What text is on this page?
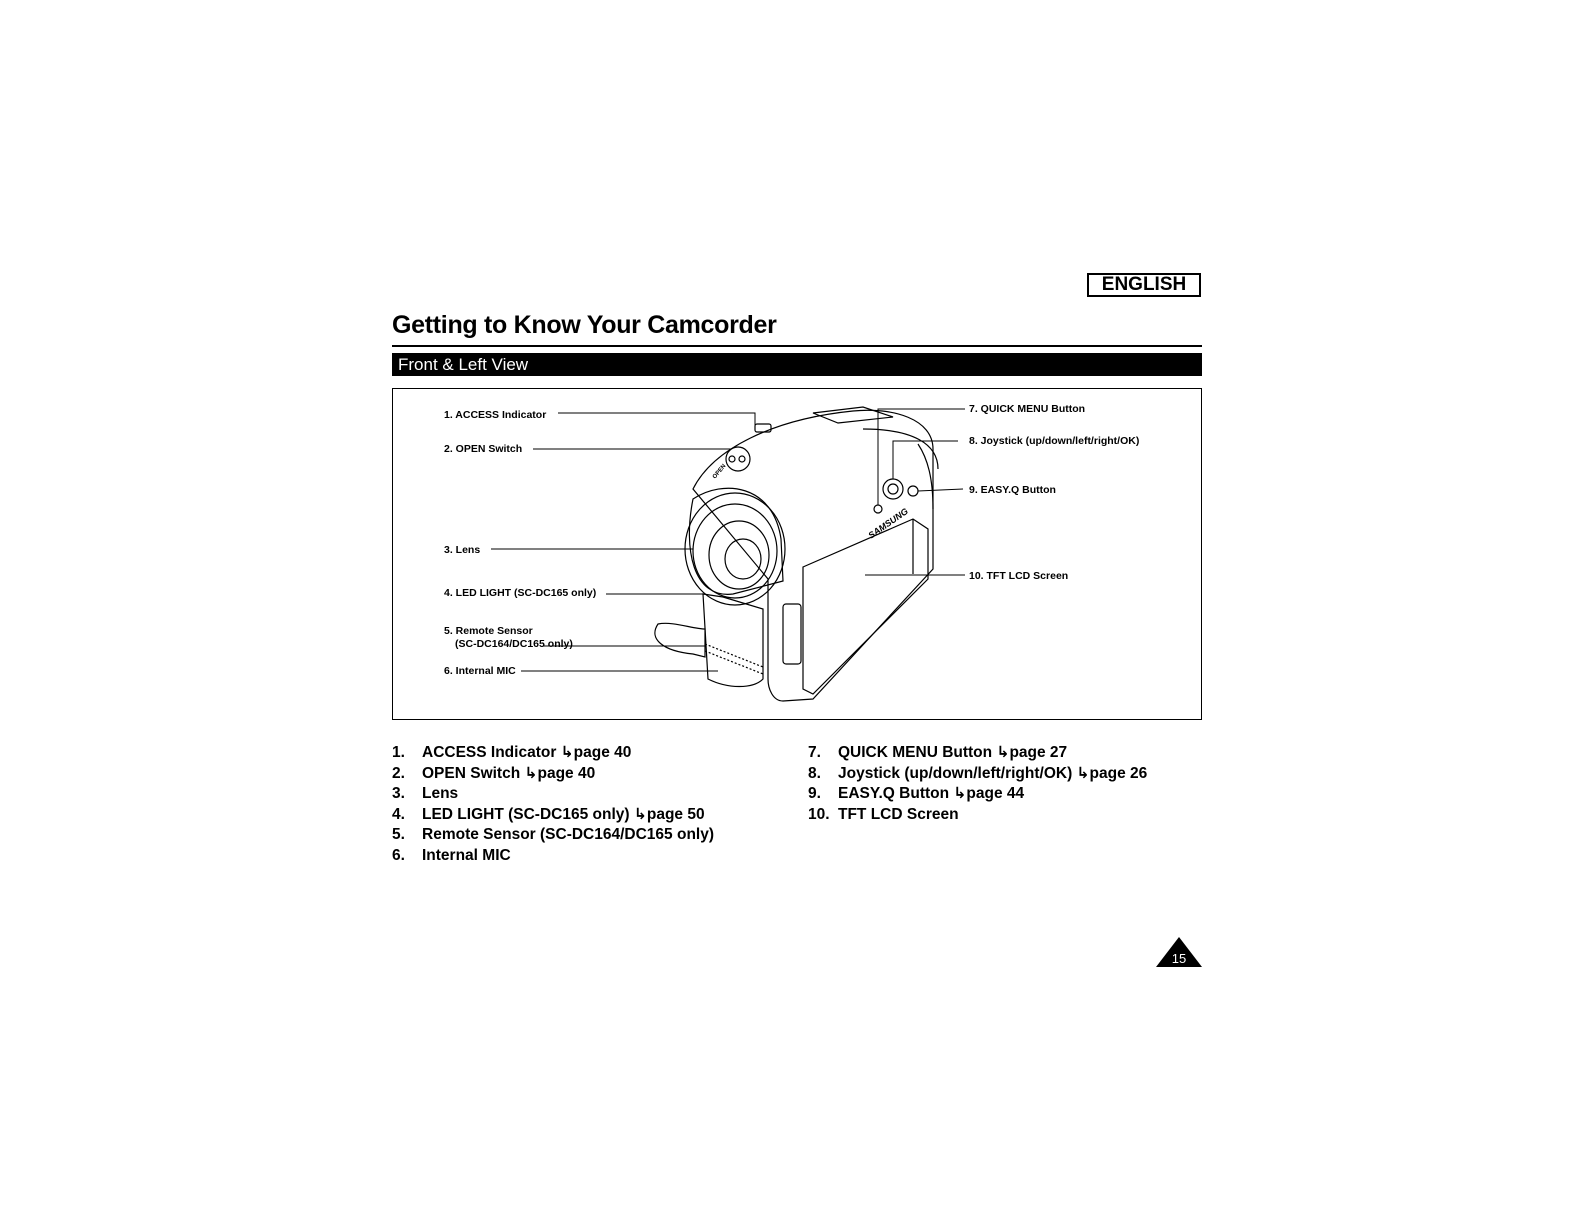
ENGLISH
Getting to Know Your Camcorder
Front & Left View
SAMSUNG
OPEN
1. ACCESS Indicator
2. OPEN Switch
3. Lens
4. LED LIGHT (SC-DC165 only)
5. Remote Sensor
(SC-DC164/DC165 only)
6. Internal MIC
7. QUICK MENU Button
8. Joystick (up/down/left/right/OK)
9. EASY.Q Button
10. TFT LCD Screen
1. ACCESS Indicator ↳page 40
2. OPEN Switch ↳page 40
3. Lens
4. LED LIGHT (SC-DC165 only) ↳page 50
5. Remote Sensor (SC-DC164/DC165 only)
6. Internal MIC
7. QUICK MENU Button ↳page 27
8. Joystick (up/down/left/right/OK) ↳page 26
9. EASY.Q Button ↳page 44
10. TFT LCD Screen
15
